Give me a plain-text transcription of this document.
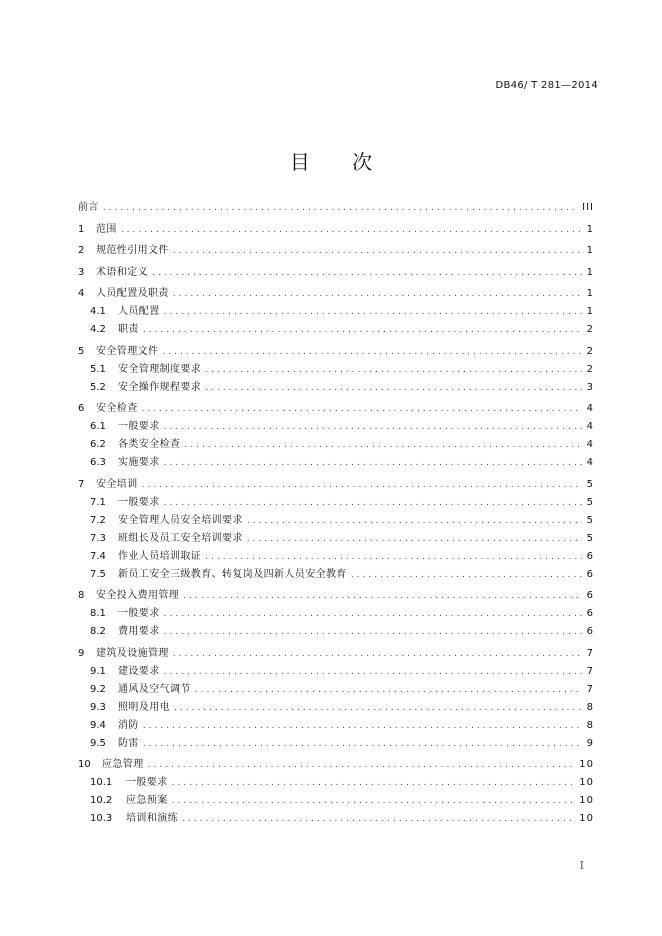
DB46/ T 281—2014
目 次
前言 .....	III
1	范围 .....	1
2	规范性引用文件 .....	1
3	术语和定义 .....	1
4	人员配置及职责 .....	1
4.1	人员配置 .....	1
4.2	职责 .....	2
5	安全管理文件 .....	2
5.1	安全管理制度要求 .....	2
5.2	安全操作规程要求 .....	3
6	安全检查 .....	4
6.1	一般要求 .....	4
6.2	各类安全检查 .....	4
6.3	实施要求 .....	4
7	安全培训 .....	5
7.1	一般要求 .....	5
7.2	安全管理人员安全培训要求 .....	5
7.3	班组长及员工安全培训要求 .....	5
7.4	作业人员培训取证 .....	6
7.5	新员工安全三级教育、转复岗及四新人员安全教育 .....	6
8	安全投入费用管理 .....	6
8.1	一般要求 .....	6
8.2	费用要求 .....	6
9	建筑及设施管理 .....	7
9.1	建设要求 .....	7
9.2	通风及空气调节 .....	7
9.3	照明及用电 .....	8
9.4	消防 .....	8
9.5	防雷 .....	9
10	应急管理 .....	10
10.1	一般要求 .....	10
10.2	应急预案 .....	10
10.3	培训和演练 .....	10
I
